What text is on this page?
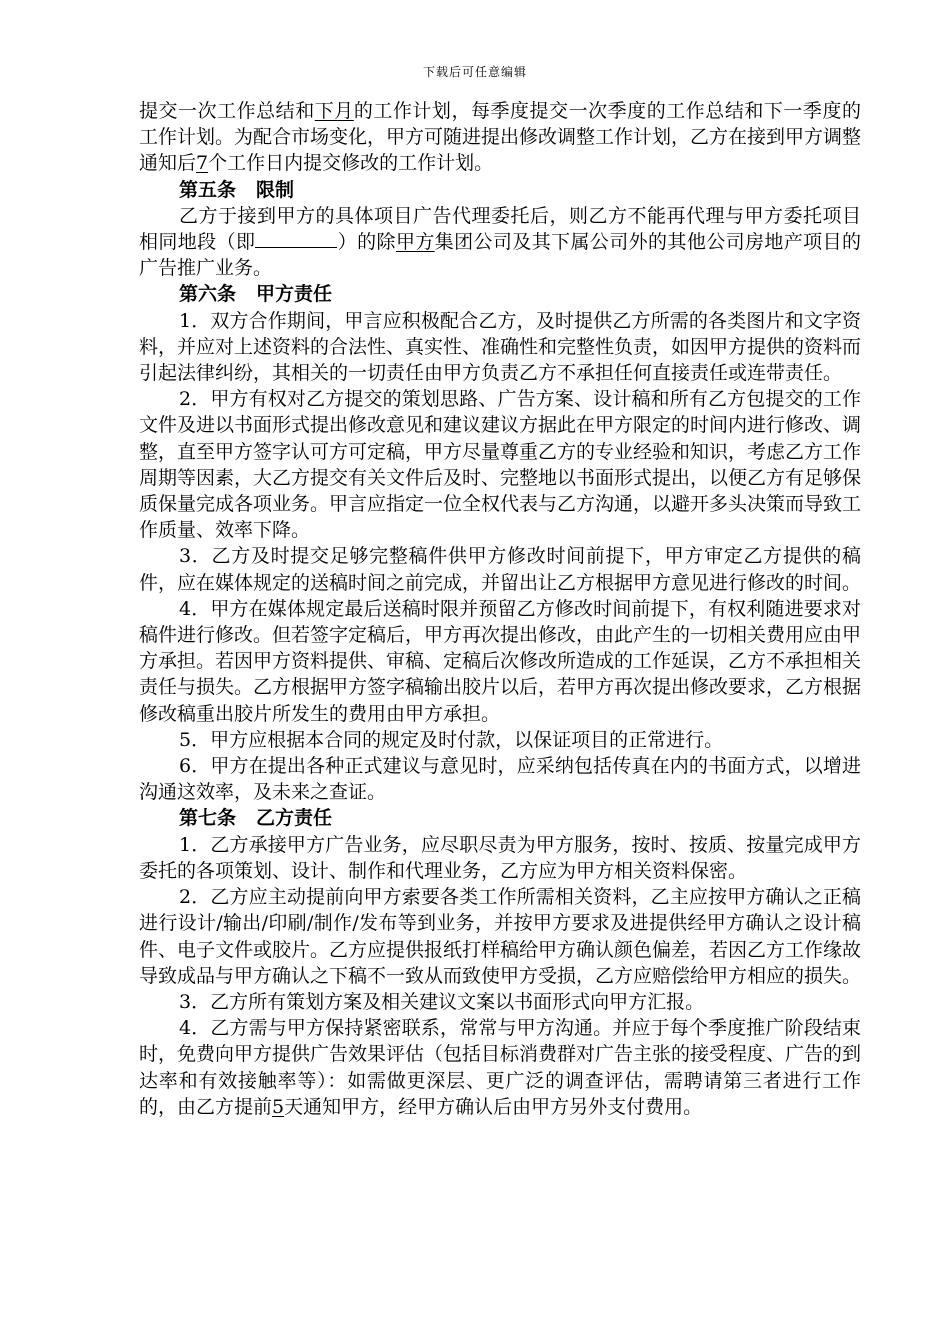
下载后可任意编辑

提交一次工作总结和下月的工作计划，每季度提交一次季度的工作总结和下一季度的工作计划。为配合市场变化，甲方可随进提出修改调整工作计划，乙方在接到甲方调整通知后7个工作日内提交修改的工作计划。

第五条 限制

乙方于接到甲方的具体项目广告代理委托后，则乙方不能再代理与甲方委托项目相同地段（即	）的除甲方集团公司及其下属公司外的其他公司房地产项目的广告推广业务。

第六条 甲方责任

1．双方合作期间，甲言应积极配合乙方，及时提供乙方所需的各类图片和文字资料，并应对上述资料的合法性、真实性、准确性和完整性负责，如因甲方提供的资料而引起法律纠纷，其相关的一切责任由甲方负责乙方不承担任何直接责任或连带责任。

2．甲方有权对乙方提交的策划思路、广告方案、设计稿和所有乙方包提交的工作文件及进以书面形式提出修改意见和建议建议方据此在甲方限定的时间内进行修改、调整，直至甲方签字认可方可定稿，甲方尽量尊重乙方的专业经验和知识，考虑乙方工作周期等因素，大乙方提交有关文件后及时、完整地以书面形式提出，以便乙方有足够保质保量完成各项业务。甲言应指定一位全权代表与乙方沟通，以避开多头决策而导致工作质量、效率下降。

3．乙方及时提交足够完整稿件供甲方修改时间前提下，甲方审定乙方提供的稿件，应在媒体规定的送稿时间之前完成，并留出让乙方根据甲方意见进行修改的时间。

4．甲方在媒体规定最后送稿时限并预留乙方修改时间前提下，有权利随进要求对稿件进行修改。但若签字定稿后，甲方再次提出修改，由此产生的一切相关费用应由甲方承担。若因甲方资料提供、审稿、定稿后次修改所造成的工作延误，乙方不承担相关责任与损失。乙方根据甲方签字稿输出胶片以后，若甲方再次提出修改要求，乙方根据修改稿重出胶片所发生的费用由甲方承担。

5．甲方应根据本合同的规定及时付款，以保证项目的正常进行。

6．甲方在提出各种正式建议与意见时，应采纳包括传真在内的书面方式，以增进沟通这效率，及未来之查证。

第七条 乙方责任

1．乙方承接甲方广告业务，应尽职尽责为甲方服务，按时、按质、按量完成甲方委托的各项策划、设计、制作和代理业务，乙方应为甲方相关资料保密。

2．乙方应主动提前向甲方索要各类工作所需相关资料，乙主应按甲方确认之正稿进行设计/输出/印刷/制作/发布等到业务，并按甲方要求及进提供经甲方确认之设计稿件、电子文件或胶片。乙方应提供报纸打样稿给甲方确认颜色偏差，若因乙方工作缘故导致成品与甲方确认之下稿不一致从而致使甲方受损，乙方应赔偿给甲方相应的损失。

3．乙方所有策划方案及相关建议文案以书面形式向甲方汇报。

4．乙方需与甲方保持紧密联系，常常与甲方沟通。并应于每个季度推广阶段结束时，免费向甲方提供广告效果评估（包括目标消费群对广告主张的接受程度、广告的到达率和有效接触率等）：如需做更深层、更广泛的调查评估，需聘请第三者进行工作的，由乙方提前5天通知甲方，经甲方确认后由甲方另外支付费用。
